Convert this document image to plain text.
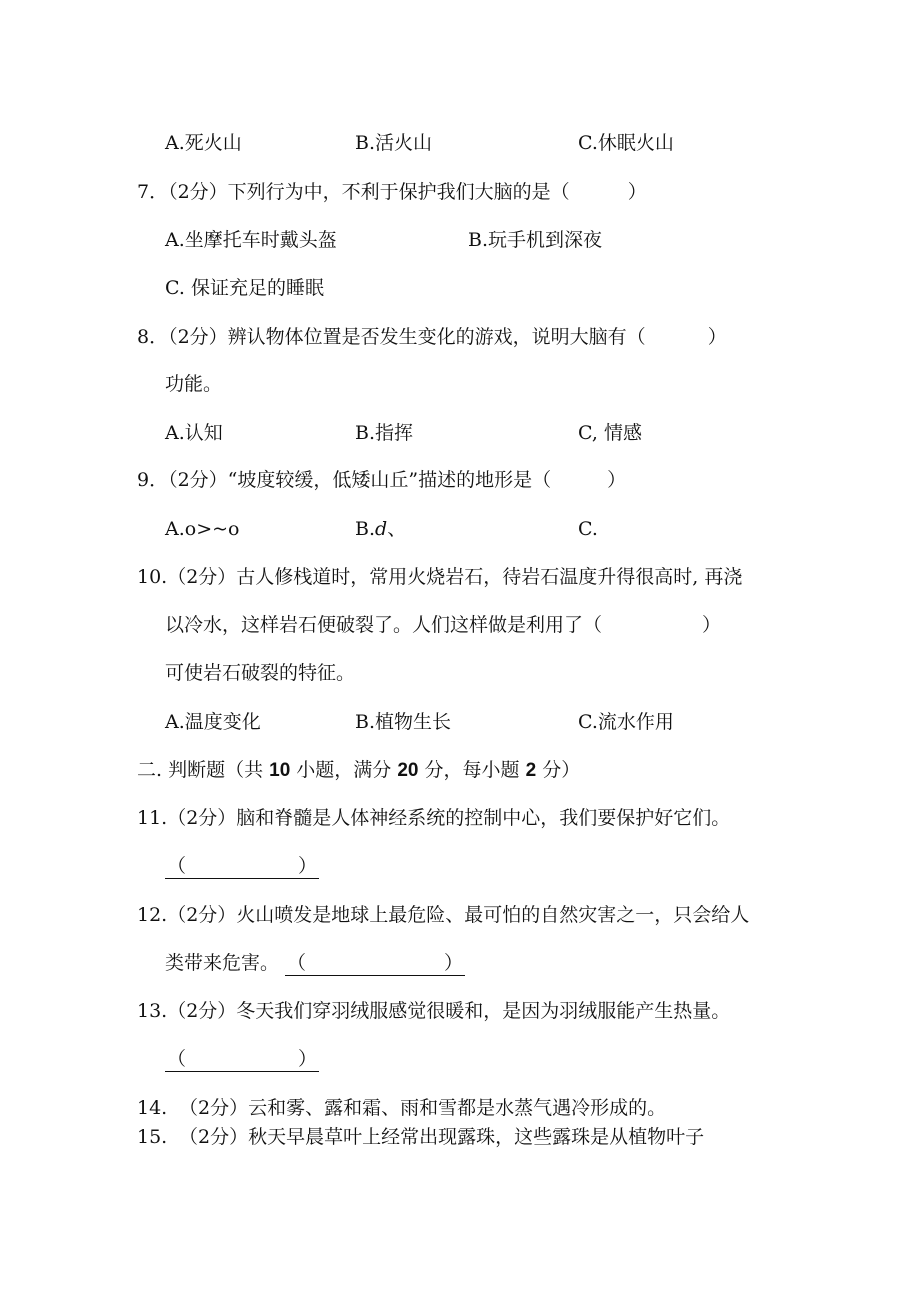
A.死火山	B.活火山	C.休眠火山
7．（2分）下列行为中，不利于保护我们大脑的是（	）
A.坐摩托车时戴头盔	B.玩手机到深夜
C. 保证充足的睡眠
8．（2分）辨认物体位置是否发生变化的游戏，说明大脑有（	）
功能。
A.认知	B.指挥	C, 情感
9．（2分）“坡度较缓，低矮山丘”描述的地形是（	）
A.o>~o	B.d、	C.
10.（2分）古人修栈道时，常用火烧岩石，待岩石温度升得很高时, 再浇
以冷水，这样岩石便破裂了。人们这样做是利用了（	）
可使岩石破裂的特征。
A.温度变化	B.植物生长	C.流水作用
二. 判断题（共 10 小题，满分 20 分，每小题 2 分）
11.（2分）脑和脊髓是人体神经系统的控制中心，我们要保护好它们。
（	）
12.（2分）火山喷发是地球上最危险、最可怕的自然灾害之一，只会给人
类带来危害。 （	）
13.（2分）冬天我们穿羽绒服感觉很暖和，是因为羽绒服能产生热量。
（	）
14. （2分）云和雾、露和霜、雨和雪都是水蒸气遇冷形成的。
15. （2分）秋天早晨草叶上经常出现露珠，这些露珠是从植物叶子
